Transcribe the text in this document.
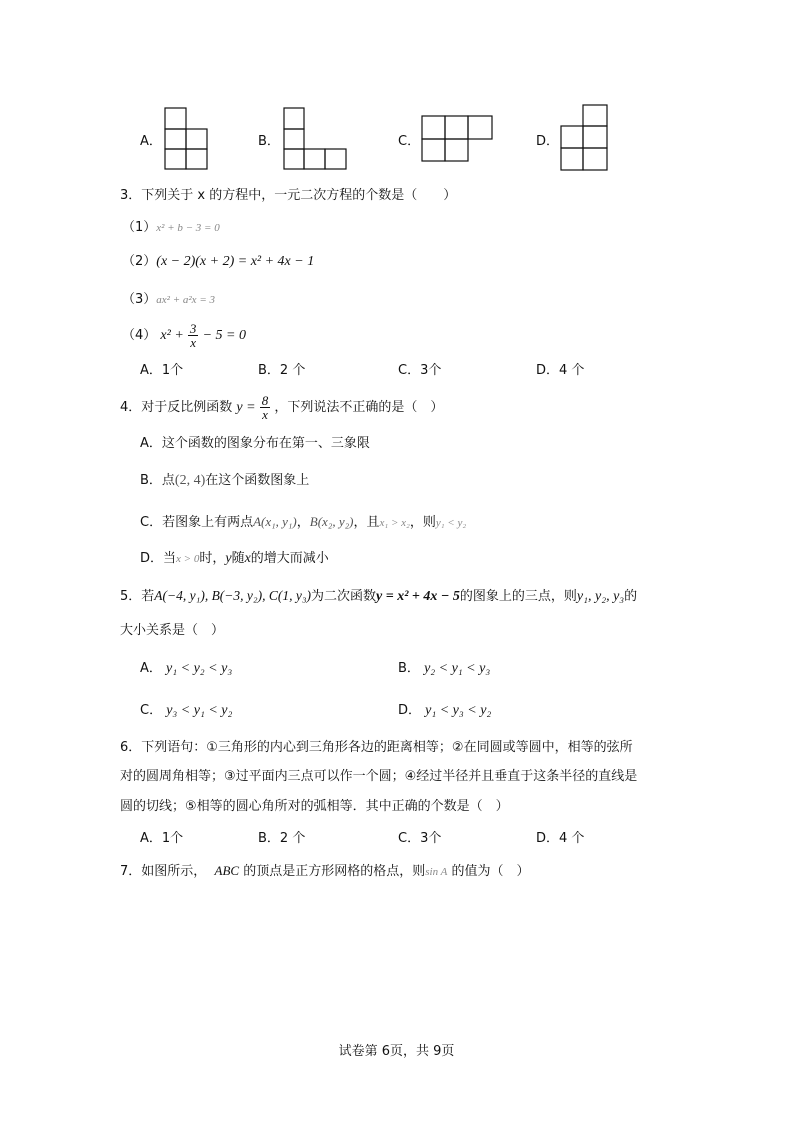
A．	B．	C．	D．
3．下列关于 x 的方程中，一元二次方程的个数是（　　）
（1）x² + b − 3 = 0
（2）(x − 2)(x + 2) = x² + 4x − 1
（3）ax² + a²x = 3
（4） $x^2 + \frac{3}{x} - 5 = 0$
A．1个	B．2 个	C．3个	D．4 个
4．对于反比例函数 $y = \frac{8}{x}$ ，下列说法不正确的是（　）
A．这个函数的图象分布在第一、三象限
B．点(2, 4)在这个函数图象上
C．若图象上有两点A(x₁, y₁)，B(x₂, y₂)，且x₁ > x₂，则y₁ < y₂
D．当x > 0时，y随x的增大而减小
5．若A(−4, y₁), B(−3, y₂), C(1, y₃)为二次函数y = x² + 4x − 5的图象上的三点，则y₁, y₂, y₃的
大小关系是（　）
A． y₁ < y₂ < y₃	B． y₂ < y₁ < y₃
C． y₃ < y₁ < y₂	D． y₁ < y₃ < y₂
6．下列语句：①三角形的内心到三角形各边的距离相等；②在同圆或等圆中，相等的弦所
对的圆周角相等；③过平面内三点可以作一个圆；④经过半径并且垂直于这条半径的直线是
圆的切线；⑤相等的圆心角所对的弧相等．其中正确的个数是（　）
A．1个	B．2 个	C．3个	D．4 个
7．如图所示， ABC 的顶点是正方形网格的格点，则sin A 的值为（　）
试卷第 6页，共 9页
